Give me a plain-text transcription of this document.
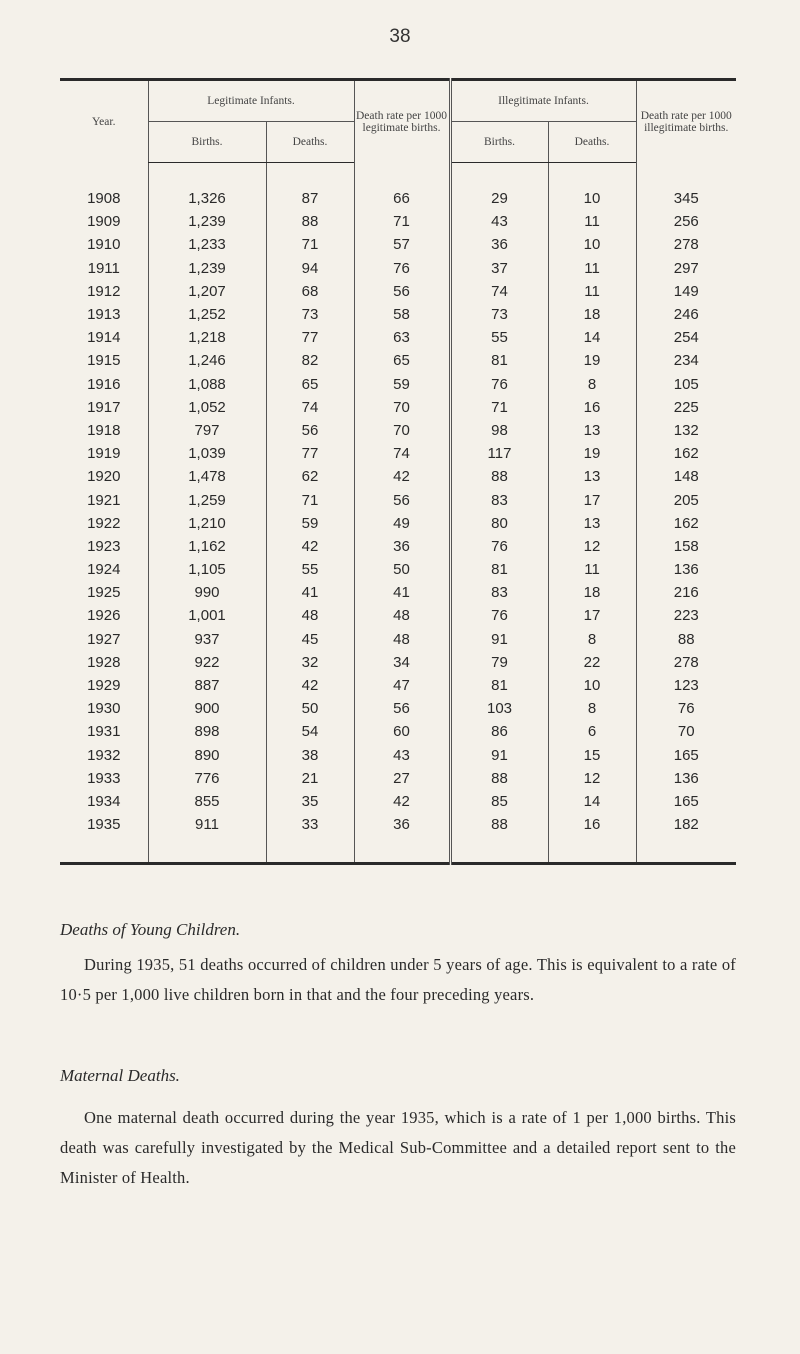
38
Year.	Legitimate Infants.		Death rate per 1000 legitimate births.	Illegitimate Infants.		Death rate per 1000 illegitimate births.
	Births.	Deaths.		Births.	Deaths.	

1908	1,326	87	66	29	10	345
1909	1,239	88	71	43	11	256
1910	1,233	71	57	36	10	278
1911	1,239	94	76	37	11	297
1912	1,207	68	56	74	11	149
1913	1,252	73	58	73	18	246
1914	1,218	77	63	55	14	254
1915	1,246	82	65	81	19	234
1916	1,088	65	59	76	8	105
1917	1,052	74	70	71	16	225
1918	797	56	70	98	13	132
1919	1,039	77	74	117	19	162
1920	1,478	62	42	88	13	148
1921	1,259	71	56	83	17	205
1922	1,210	59	49	80	13	162
1923	1,162	42	36	76	12	158
1924	1,105	55	50	81	11	136
1925	990	41	41	83	18	216
1926	1,001	48	48	76	17	223
1927	937	45	48	91	8	88
1928	922	32	34	79	22	278
1929	887	42	47	81	10	123
1930	900	50	56	103	8	76
1931	898	54	60	86	6	70
1932	890	38	43	91	15	165
1933	776	21	27	88	12	136
1934	855	35	42	85	14	165
1935	911	33	36	88	16	182

Deaths of Young Children.
During 1935, 51 deaths occurred of children under 5 years of age. This is equivalent to a rate of 10·5 per 1,000 live children born in that and the four preceding years.
Maternal Deaths.
One maternal death occurred during the year 1935, which is a rate of 1 per 1,000 births. This death was carefully investigated by the Medical Sub-Committee and a detailed report sent to the Minister of Health.
